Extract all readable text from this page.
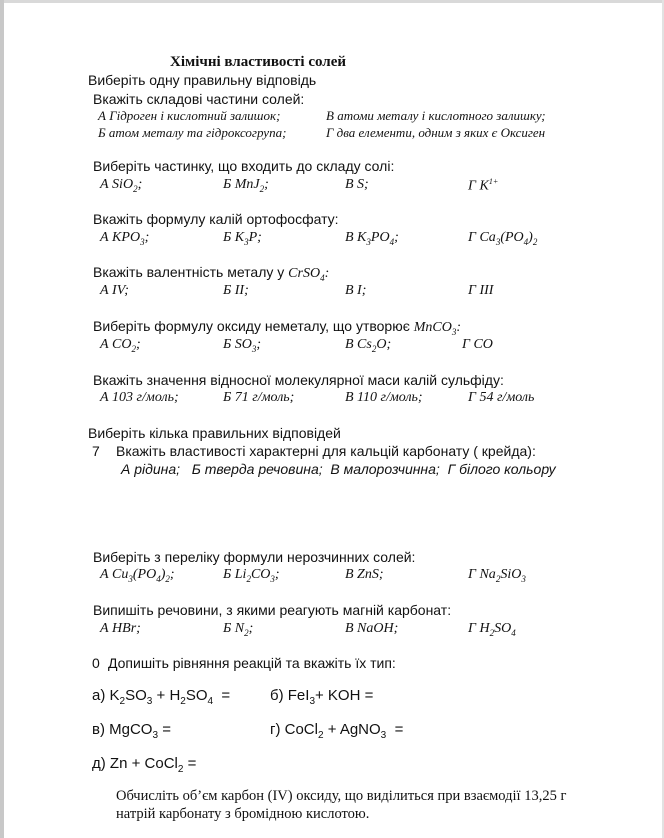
Хімічні властивості солей
Виберіть одну правильну відповідь
Вкажіть складові частини солей:
А Гідроген і кислотний залишок;	В атоми металу і кислотного залишку;
Б атом металу та гідроксогрупа;	Г два елементи, одним з яких є Оксиген
Виберіть частинку, що входить до складу солі:
А SiO$_2$;	Б MnJ$_2$;	В S;	Г $K^{1+}$
Вкажіть формулу калій ортофосфату:
А $KPO_3$;	Б $K_3P$;	В $K_3PO_4$;	Г $Ca_3(PO_4)_2$
Вкажіть валентність металу у CrSO$_4$:
А IV;	Б II;	В I;	Г III
Виберіть формулу оксиду неметалу, що утворює MnCO$_3$:
А $CO_2$;	Б $SO_3$;	В $Cs_2O$;	Г CO
Вкажіть значення відносної молекулярної маси калій сульфіду:
А 103 г/моль;	Б 71 г/моль;	В 110 г/моль;	Г 54 г/моль
Виберіть кілька правильних відповідей
7 Вкажіть властивості характерні для кальцій карбонату ( крейда):
А рідина;   Б тверда речовина;  В малорозчинна;  Г білого кольору
Виберіть з переліку формули нерозчинних солей:
А $Cu_3(PO_4)_2$;	Б $Li_2CO_3$;	В ZnS;	Г $Na_2SiO_3$
Випишіть речовини, з якими реагують магній карбонат:
А HBr;	Б $N_2$;	В NaOH;	Г $H_2SO_4$
0 Допишіть рівняння реакцій та вкажіть їх тип:
а) $K_2SO_3 + H_2SO_4$  =	б) FeI$_3$+ KOH =
в) MgCO$_3$ =	г) CoCl$_2$ + AgNO$_3$  =
д) Zn + CoCl$_2$ =
Обчисліть об’єм карбон (IV) оксиду, що виділиться при взаємодії 13,25 г
натрій карбонату з бромідною кислотою.
